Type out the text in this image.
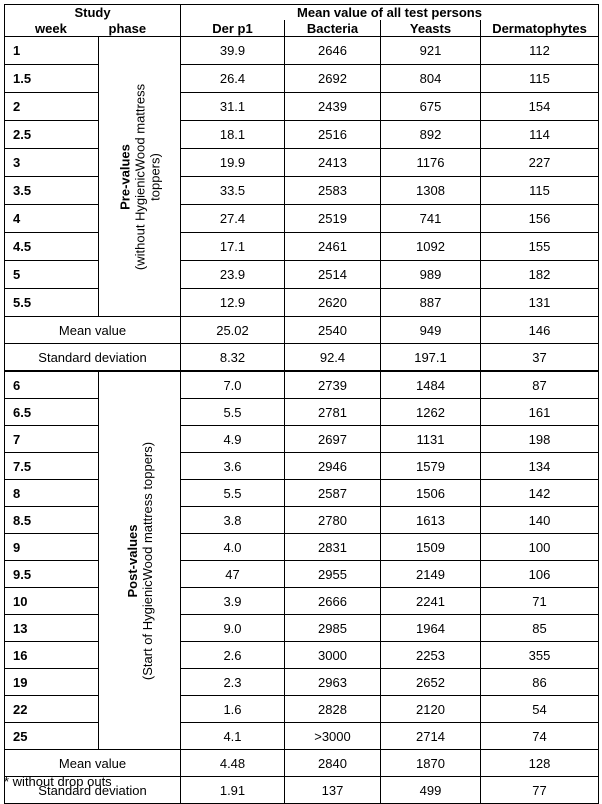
Study		Mean value of all test persons			
week	phase	Der p1	Bacteria	Yeasts	Dermatophytes
1	Pre-values (without HygienicWood mattress toppers)	39.9	2646	921	112
1.5		26.4	2692	804	115
2		31.1	2439	675	154
2.5		18.1	2516	892	114
3		19.9	2413	1176	227
3.5		33.5	2583	1308	115
4		27.4	2519	741	156
4.5		17.1	2461	1092	155
5		23.9	2514	989	182
5.5		12.9	2620	887	131
Mean value		25.02	2540	949	146
Standard deviation		8.32	92.4	197.1	37
6	Post-values (Start of HygienicWood mattress toppers)	7.0	2739	1484	87
6.5		5.5	2781	1262	161
7		4.9	2697	1131	198
7.5		3.6	2946	1579	134
8		5.5	2587	1506	142
8.5		3.8	2780	1613	140
9		4.0	2831	1509	100
9.5		47	2955	2149	106
10		3.9	2666	2241	71
13		9.0	2985	1964	85
16		2.6	3000	2253	355
19		2.3	2963	2652	86
22		1.6	2828	2120	54
25		4.1	>3000	2714	74
Mean value		4.48	2840	1870	128
Standard deviation		1.91	137	499	77
* without drop outs
